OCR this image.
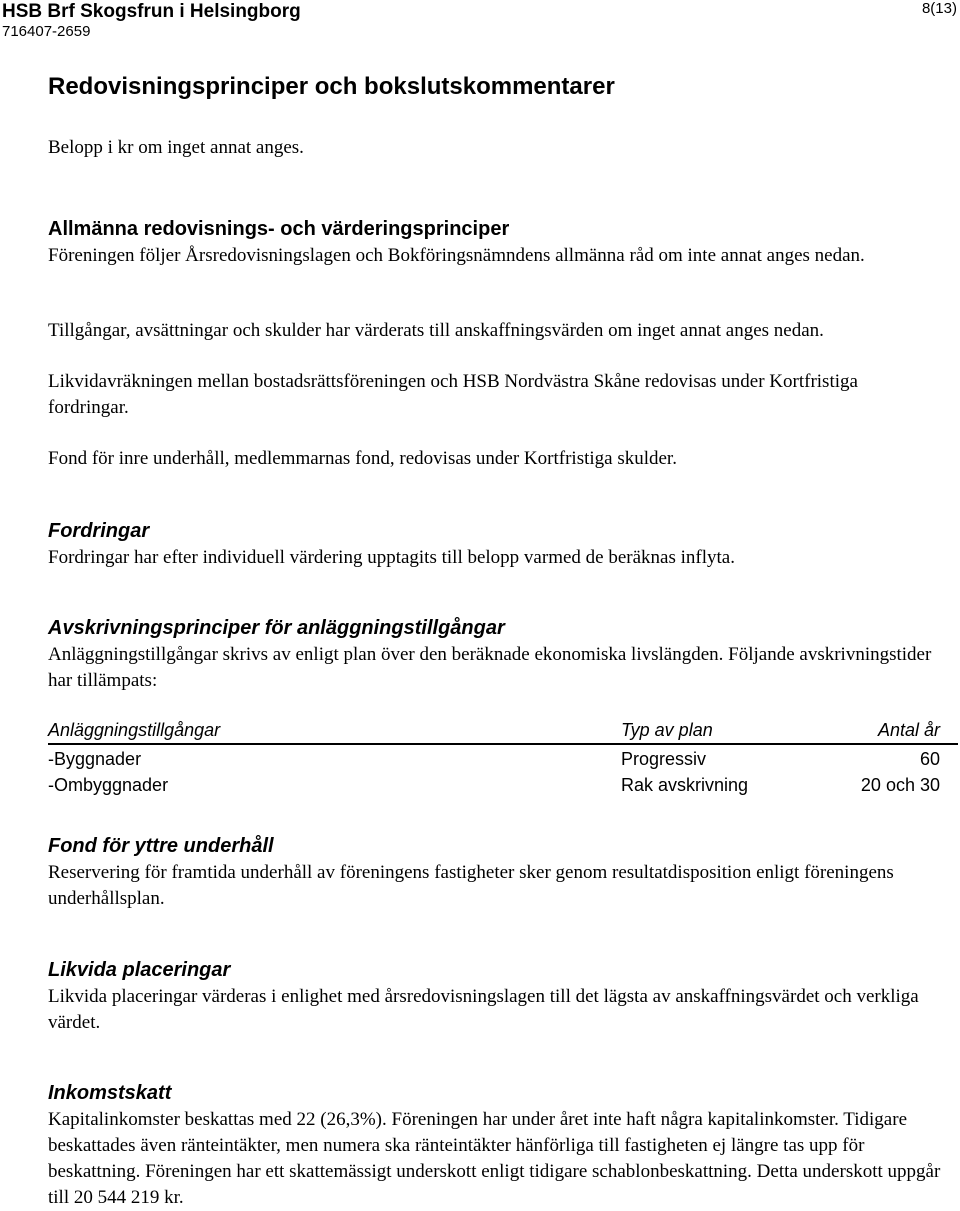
HSB Brf Skogsfrun i Helsingborg
716407-2659
8(13)
Redovisningsprinciper och bokslutskommentarer

Belopp i kr om inget annat anges.

Allmänna redovisnings- och värderingsprinciper

Föreningen följer Årsredovisningslagen och Bokföringsnämndens allmänna råd om inte annat anges nedan.

Tillgångar, avsättningar och skulder har värderats till anskaffningsvärden om inget annat anges nedan.

Likvidavräkningen mellan bostadsrättsföreningen och HSB Nordvästra Skåne redovisas under Kortfristiga fordringar.

Fond för inre underhåll, medlemmarnas fond, redovisas under Kortfristiga skulder.

Fordringar

Fordringar har efter individuell värdering upptagits till belopp varmed de beräknas inflyta.

Avskrivningsprinciper för anläggningstillgångar

Anläggningstillgångar skrivs av enligt plan över den beräknade ekonomiska livslängden. Följande avskrivningstider har tillämpats:

Anläggningstillgångar	Typ av plan	Antal år
-Byggnader	Progressiv	60
-Ombyggnader	Rak avskrivning	20 och 30
Fond för yttre underhåll

Reservering för framtida underhåll av föreningens fastigheter sker genom resultatdisposition enligt föreningens underhållsplan.

Likvida placeringar

Likvida placeringar värderas i enlighet med årsredovisningslagen till det lägsta av anskaffningsvärdet och verkliga värdet.

Inkomstskatt

Kapitalinkomster beskattas med 22 (26,3%). Föreningen har under året inte haft några kapitalinkomster. Tidigare beskattades även ränteintäkter, men numera ska ränteintäkter hänförliga till fastigheten ej längre tas upp för beskattning. Föreningen har ett skattemässigt underskott enligt tidigare schablonbeskattning. Detta underskott uppgår till 20 544 219 kr.
